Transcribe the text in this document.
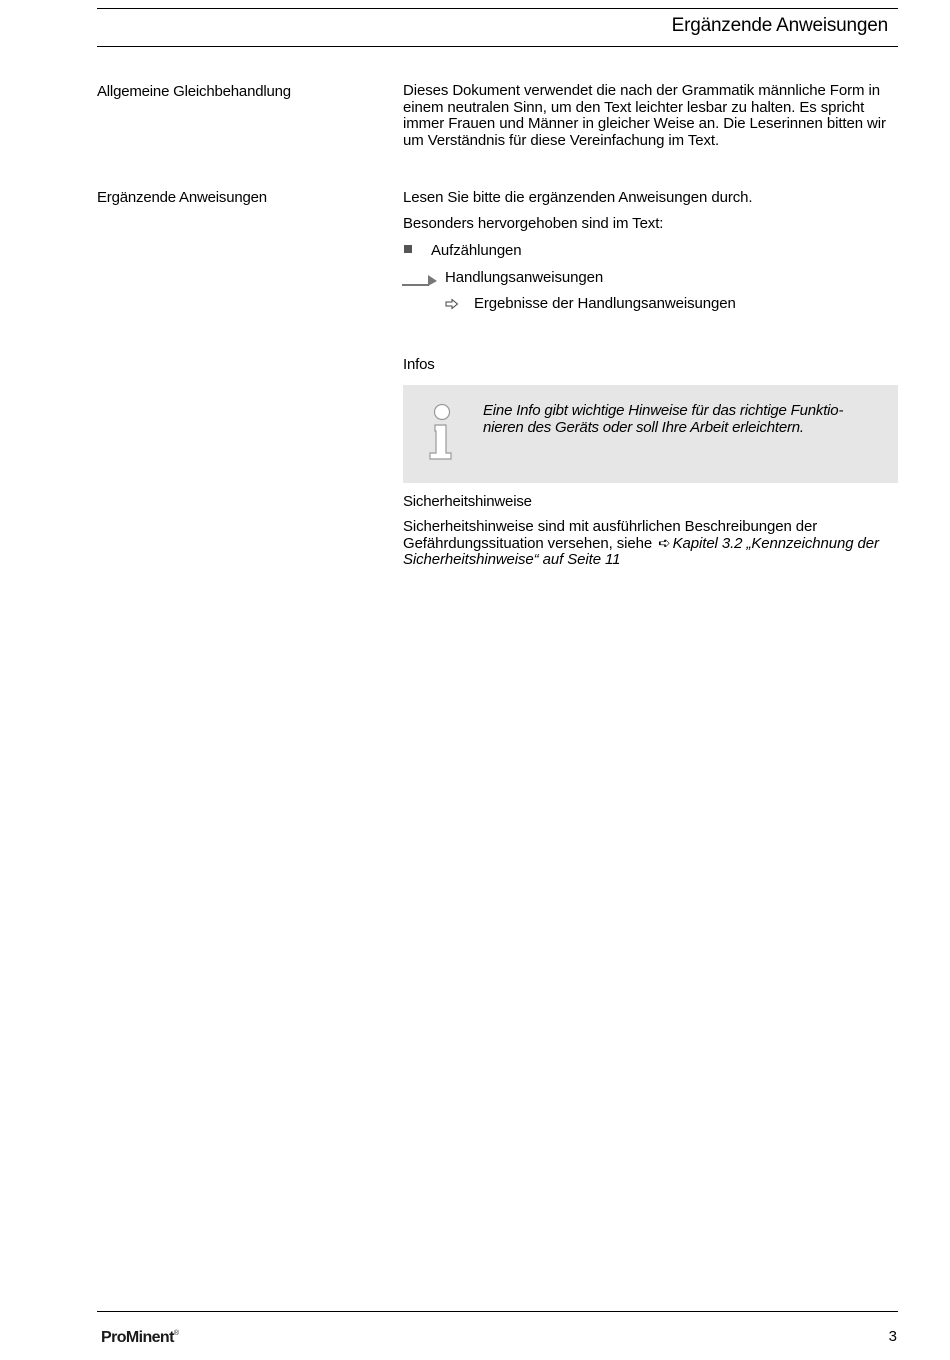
Ergänzende Anweisungen
Allgemeine Gleichbehandlung	Dieses Dokument verwendet die nach der Grammatik männliche Form in einem neutralen Sinn, um den Text leichter lesbar zu halten. Es spricht immer Frauen und Männer in gleicher Weise an. Die Leserinnen bitten wir um Verständnis für diese Vereinfachung im Text.
Ergänzende Anweisungen	Lesen Sie bitte die ergänzenden Anweisungen durch.
Besonders hervorgehoben sind im Text:
Aufzählungen
Handlungsanweisungen
Ergebnisse der Handlungsanweisungen
Infos
Eine Info gibt wichtige Hinweise für das richtige Funktio-
nieren des Geräts oder soll Ihre Arbeit erleichtern.
Sicherheitshinweise
Sicherheitshinweise sind mit ausführlichen Beschreibungen der Gefährdungssituation versehen, siehe ➪ Kapitel 3.2 „Kennzeichnung der Sicherheitshinweise“ auf Seite 11
ProMinent®	3
